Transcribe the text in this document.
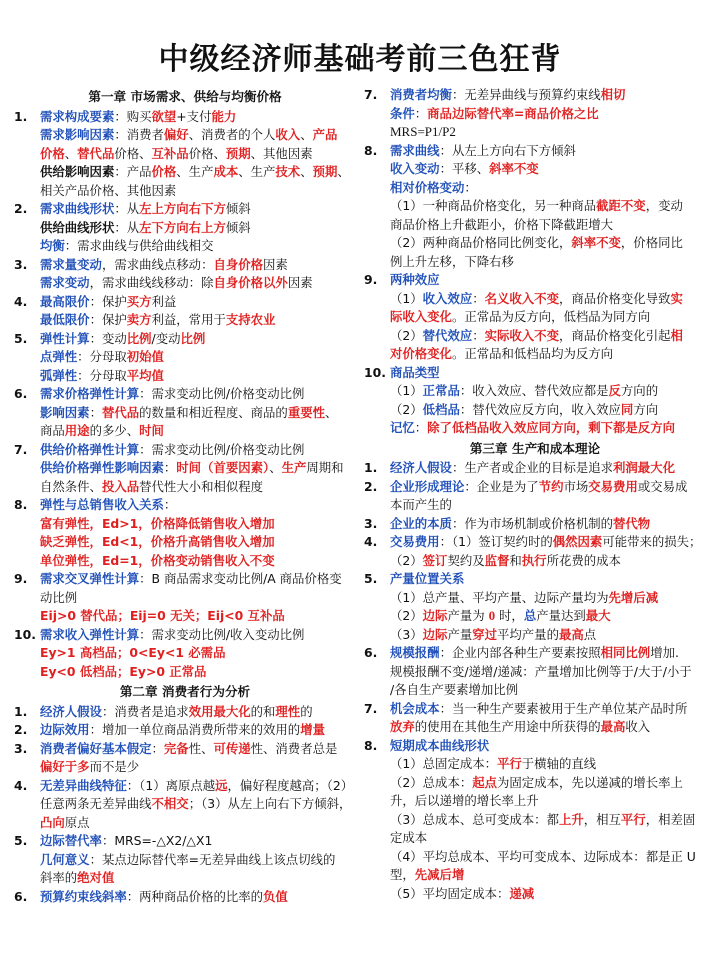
中级经济师基础考前三色狂背
第一章 市场需求、供给与均衡价格
1.	需求构成要素：购买欲望+支付能力
需求影响因素：消费者偏好、消费者的个人收入、产品
价格、替代品价格、互补品价格、预期、其他因素
供给影响因素：产品价格、生产成本、生产技术、预期、
相关产品价格、其他因素
2.	需求曲线形状：从左上方向右下方倾斜
供给曲线形状：从左下方向右上方倾斜
均衡：需求曲线与供给曲线相交
3.	需求量变动，需求曲线点移动：自身价格因素
需求变动，需求曲线线移动：除自身价格以外因素
4.	最高限价：保护买方利益
最低限价：保护卖方利益，常用于支持农业
5.	弹性计算：变动比例/变动比例
点弹性：分母取初始值
弧弹性：分母取平均值
6.	需求价格弹性计算：需求变动比例/价格变动比例
影响因素：替代品的数量和相近程度、商品的重要性、
商品用途的多少、时间
7.	供给价格弹性计算：需求变动比例/价格变动比例
供给价格弹性影响因素：时间（首要因素）、生产周期和
自然条件、投入品替代性大小和相似程度
8.	弹性与总销售收入关系：
富有弹性，Ed>1，价格降低销售收入增加
缺乏弹性，Ed<1，价格升高销售收入增加
单位弹性，Ed=1，价格变动销售收入不变
9.	需求交叉弹性计算：B 商品需求变动比例/A 商品价格变
动比例
Eij>0 替代品；Eij=0 无关；Eij<0 互补品
10. 需求收入弹性计算：需求变动比例/收入变动比例
Ey>1 高档品；0<Ey<1 必需品
Ey<0 低档品；Ey>0 正常品
第二章 消费者行为分析
1.	经济人假设：消费者是追求效用最大化的和理性的
2.	边际效用：增加一单位商品消费所带来的效用的增量
3.	消费者偏好基本假定：完备性、可传递性、消费者总是
偏好于多而不是少
4.	无差异曲线特征：（1）离原点越远，偏好程度越高；（2）
任意两条无差异曲线不相交；（3）从左上向右下方倾斜，
凸向原点
5.	边际替代率：MRS=-△X2/△X1
几何意义：某点边际替代率=无差异曲线上该点切线的
斜率的绝对值
6.	预算约束线斜率：两种商品价格的比率的负值
7.	消费者均衡：无差异曲线与预算约束线相切
条件：商品边际替代率=商品价格之比
MRS=P1/P2
8.	需求曲线：从左上方向右下方倾斜
收入变动：平移、斜率不变
相对价格变动：
（1）一种商品价格变化，另一种商品截距不变，变动
商品价格上升截距小，价格下降截距增大
（2）两种商品价格同比例变化，斜率不变，价格同比
例上升左移，下降右移
9.	两种效应
（1）收入效应：名义收入不变，商品价格变化导致实
际收入变化。正常品为反方向，低档品为同方向
（2）替代效应：实际收入不变，商品价格变化引起相
对价格变化。正常品和低档品均为反方向
10. 商品类型
（1）正常品：收入效应、替代效应都是反方向的
（2）低档品：替代效应反方向，收入效应同方向
记忆：除了低档品收入效应同方向，剩下都是反方向
第三章 生产和成本理论
1.	经济人假设：生产者或企业的目标是追求利润最大化
2.	企业形成理论：企业是为了节约市场交易费用或交易成
本而产生的
3.	企业的本质：作为市场机制或价格机制的替代物
4.	交易费用：（1）签订契约时的偶然因素可能带来的损失；
（2）签订契约及监督和执行所花费的成本
5.	产量位置关系
（1）总产量、平均产量、边际产量均为先增后减
（2）边际产量为 0 时，总产量达到最大
（3）边际产量穿过平均产量的最高点
6.	规模报酬：企业内部各种生产要素按照相同比例增加.
规模报酬不变/递增/递减：产量增加比例等于/大于/小于
/各自生产要素增加比例
7.	机会成本：当一种生产要素被用于生产单位某产品时所
放弃的使用在其他生产用途中所获得的最高收入
8.	短期成本曲线形状
（1）总固定成本：平行于横轴的直线
（2）总成本：起点为固定成本，先以递减的增长率上
升，后以递增的增长率上升
（3）总成本、总可变成本：都上升，相互平行，相差固
定成本
（4）平均总成本、平均可变成本、边际成本：都是正 U
型，先减后增
（5）平均固定成本：递减
